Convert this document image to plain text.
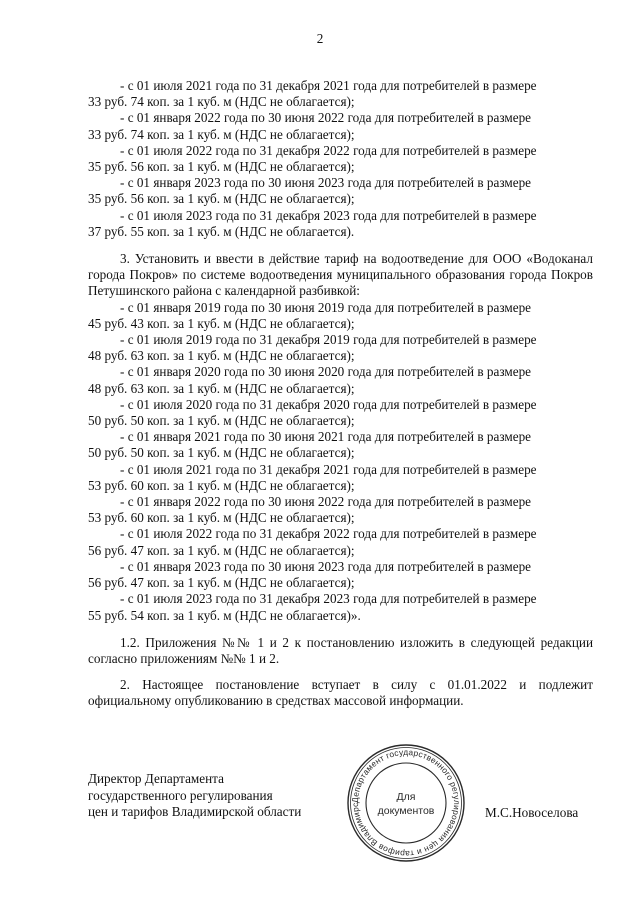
2
- с 01 июля 2021 года по 31 декабря 2021 года для потребителей в размере
33 руб. 74 коп. за 1 куб. м (НДС не облагается);
- с 01 января 2022 года по 30 июня 2022 года для потребителей в размере
33 руб. 74 коп. за 1 куб. м (НДС не облагается);
- с 01 июля 2022 года по 31 декабря 2022 года для потребителей в размере
35 руб. 56 коп. за 1 куб. м (НДС не облагается);
- с 01 января 2023 года по 30 июня 2023 года для потребителей в размере
35 руб. 56 коп. за 1 куб. м (НДС не облагается);
- с 01 июля 2023 года по 31 декабря 2023 года для потребителей в размере
37 руб. 55 коп. за 1 куб. м (НДС не облагается).
3. Установить и ввести в действие тариф на водоотведение для ООО «Водоканал города Покров» по системе водоотведения муниципального образования города Покров Петушинского района с календарной разбивкой:
- с 01 января 2019 года по 30 июня 2019 года для потребителей в размере
45 руб. 43 коп. за 1 куб. м (НДС не облагается);
- с 01 июля 2019 года по 31 декабря 2019 года для потребителей в размере
48 руб. 63 коп. за 1 куб. м (НДС не облагается);
- с 01 января 2020 года по 30 июня 2020 года для потребителей в размере
48 руб. 63 коп. за 1 куб. м (НДС не облагается);
- с 01 июля 2020 года по 31 декабря 2020 года для потребителей в размере
50 руб. 50 коп. за 1 куб. м (НДС не облагается);
- с 01 января 2021 года по 30 июня 2021 года для потребителей в размере
50 руб. 50 коп. за 1 куб. м (НДС не облагается);
- с 01 июля 2021 года по 31 декабря 2021 года для потребителей в размере
53 руб. 60 коп. за 1 куб. м (НДС не облагается);
- с 01 января 2022 года по 30 июня 2022 года для потребителей в размере
53 руб. 60 коп. за 1 куб. м (НДС не облагается);
- с 01 июля 2022 года по 31 декабря 2022 года для потребителей в размере
56 руб. 47 коп. за 1 куб. м (НДС не облагается);
- с 01 января 2023 года по 30 июня 2023 года для потребителей в размере
56 руб. 47 коп. за 1 куб. м (НДС не облагается);
- с 01 июля 2023 года по 31 декабря 2023 года для потребителей в размере
55 руб. 54 коп. за 1 куб. м (НДС не облагается)».
1.2. Приложения №№ 1 и 2 к постановлению изложить в следующей редакции согласно приложениям №№ 1 и 2.
2. Настоящее постановление вступает в силу с 01.01.2022 и подлежит официальному опубликованию в средствах массовой информации.
Директор Департамента
государственного регулирования
цен и тарифов Владимирской области
Департамент государственного регулирования цен и тарифов Владимирс
Для
документов	М.С.Новоселова
